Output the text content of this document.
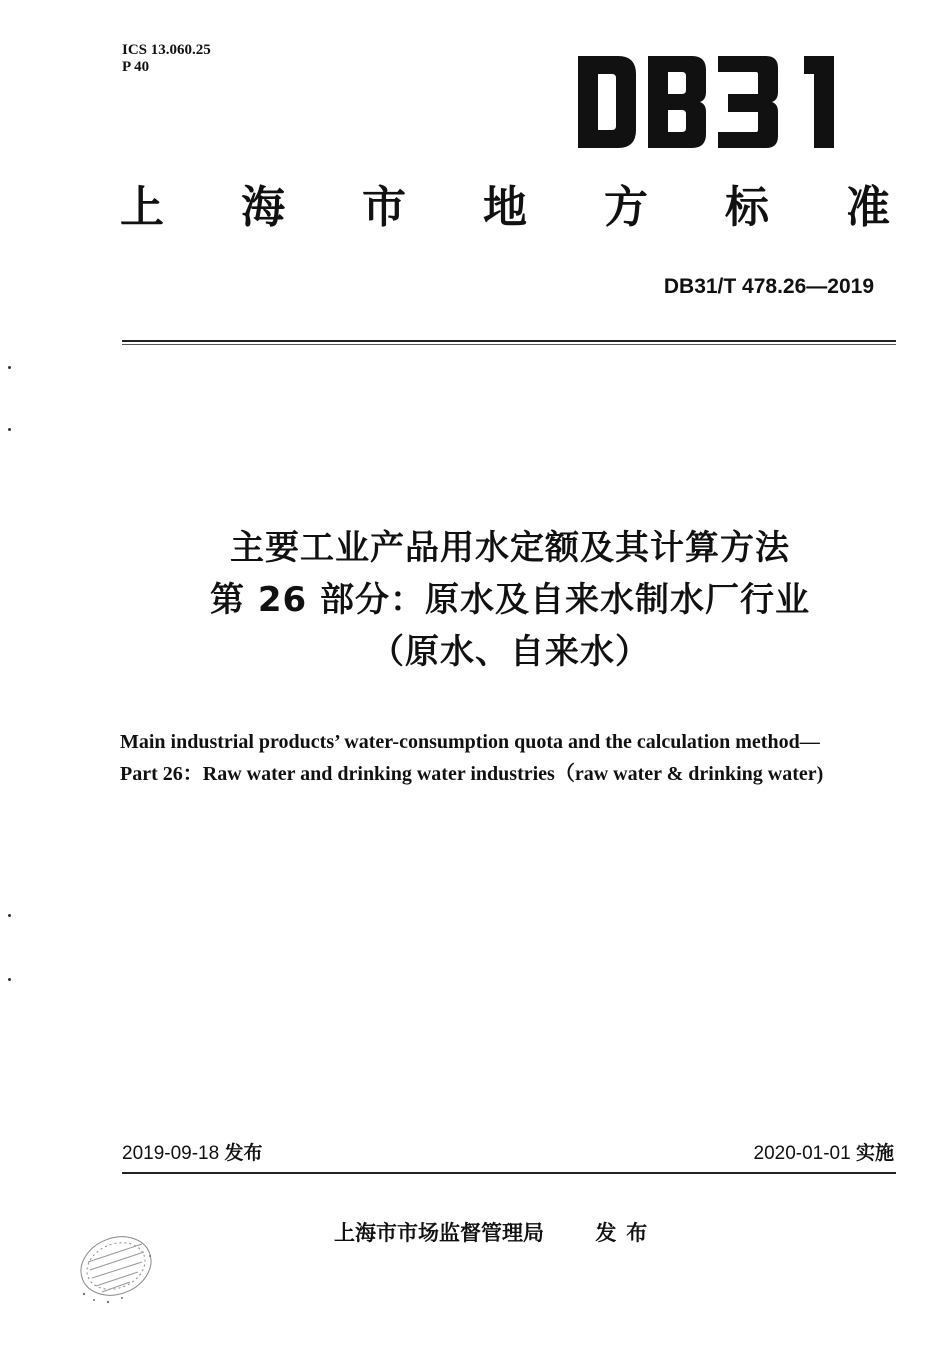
ICS 13.060.25
P 40
上 海 市 地 方 标 准
DB31/T 478.26—2019
主要工业产品用水定额及其计算方法
第 26 部分：原水及自来水制水厂行业
（原水、自来水）
Main industrial products’ water-consumption quota and the calculation method—
Part 26：Raw water and drinking water industries（raw water & drinking water)
2019-09-18 发布	2020-01-01 实施
上海市市场监督管理局 发布
